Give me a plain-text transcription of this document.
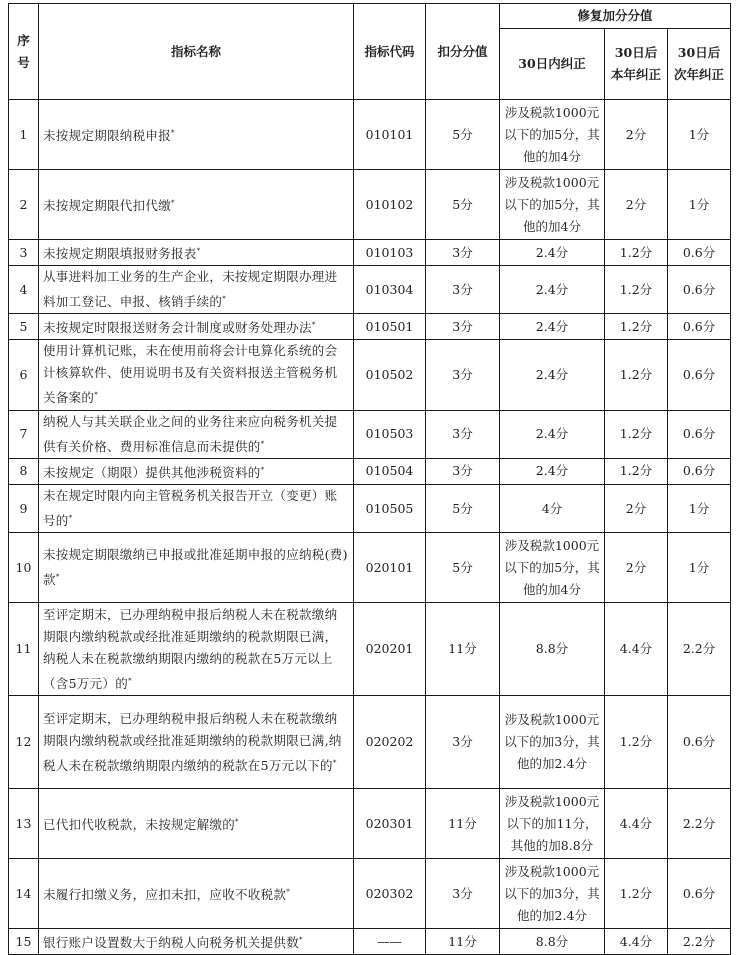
序号	指标名称	指标代码	扣分分值	修复加分分值		
				30日内纠正	30日后本年纠正	30日后次年纠正
1	未按规定期限纳税申报*	010101	5分	涉及税款1000元以下的加5分，其他的加4分	2分	1分
2	未按规定期限代扣代缴*	010102	5分	涉及税款1000元以下的加5分，其他的加4分	2分	1分
3	未按规定期限填报财务报表*	010103	3分	2.4分	1.2分	0.6分
4	从事进料加工业务的生产企业，未按规定期限办理进料加工登记、申报、核销手续的*	010304	3分	2.4分	1.2分	0.6分
5	未按规定时限报送财务会计制度或财务处理办法*	010501	3分	2.4分	1.2分	0.6分
6	使用计算机记账，未在使用前将会计电算化系统的会计核算软件、使用说明书及有关资料报送主管税务机关备案的*	010502	3分	2.4分	1.2分	0.6分
7	纳税人与其关联企业之间的业务往来应向税务机关提供有关价格、费用标准信息而未提供的*	010503	3分	2.4分	1.2分	0.6分
8	未按规定（期限）提供其他涉税资料的*	010504	3分	2.4分	1.2分	0.6分
9	未在规定时限内向主管税务机关报告开立（变更）账号的*	010505	5分	4分	2分	1分
10	未按规定期限缴纳已申报或批准延期申报的应纳税(费)款*	020101	5分	涉及税款1000元以下的加5分，其他的加4分	2分	1分
11	至评定期末，已办理纳税申报后纳税人未在税款缴纳期限内缴纳税款或经批准延期缴纳的税款期限已满，纳税人未在税款缴纳期限内缴纳的税款在5万元以上（含5万元）的*	020201	11分	8.8分	4.4分	2.2分
12	至评定期末，已办理纳税申报后纳税人未在税款缴纳期限内缴纳税款或经批准延期缴纳的税款期限已满,纳税人未在税款缴纳期限内缴纳的税款在5万元以下的*	020202	3分	涉及税款1000元以下的加3分，其他的加2.4分	1.2分	0.6分
13	已代扣代收税款，未按规定解缴的*	020301	11分	涉及税款1000元以下的加11分，其他的加8.8分	4.4分	2.2分
14	未履行扣缴义务，应扣未扣，应收不收税款*	020302	3分	涉及税款1000元以下的加3分，其他的加2.4分	1.2分	0.6分
15	银行账户设置数大于纳税人向税务机关提供数*	——	11分	8.8分	4.4分	2.2分
